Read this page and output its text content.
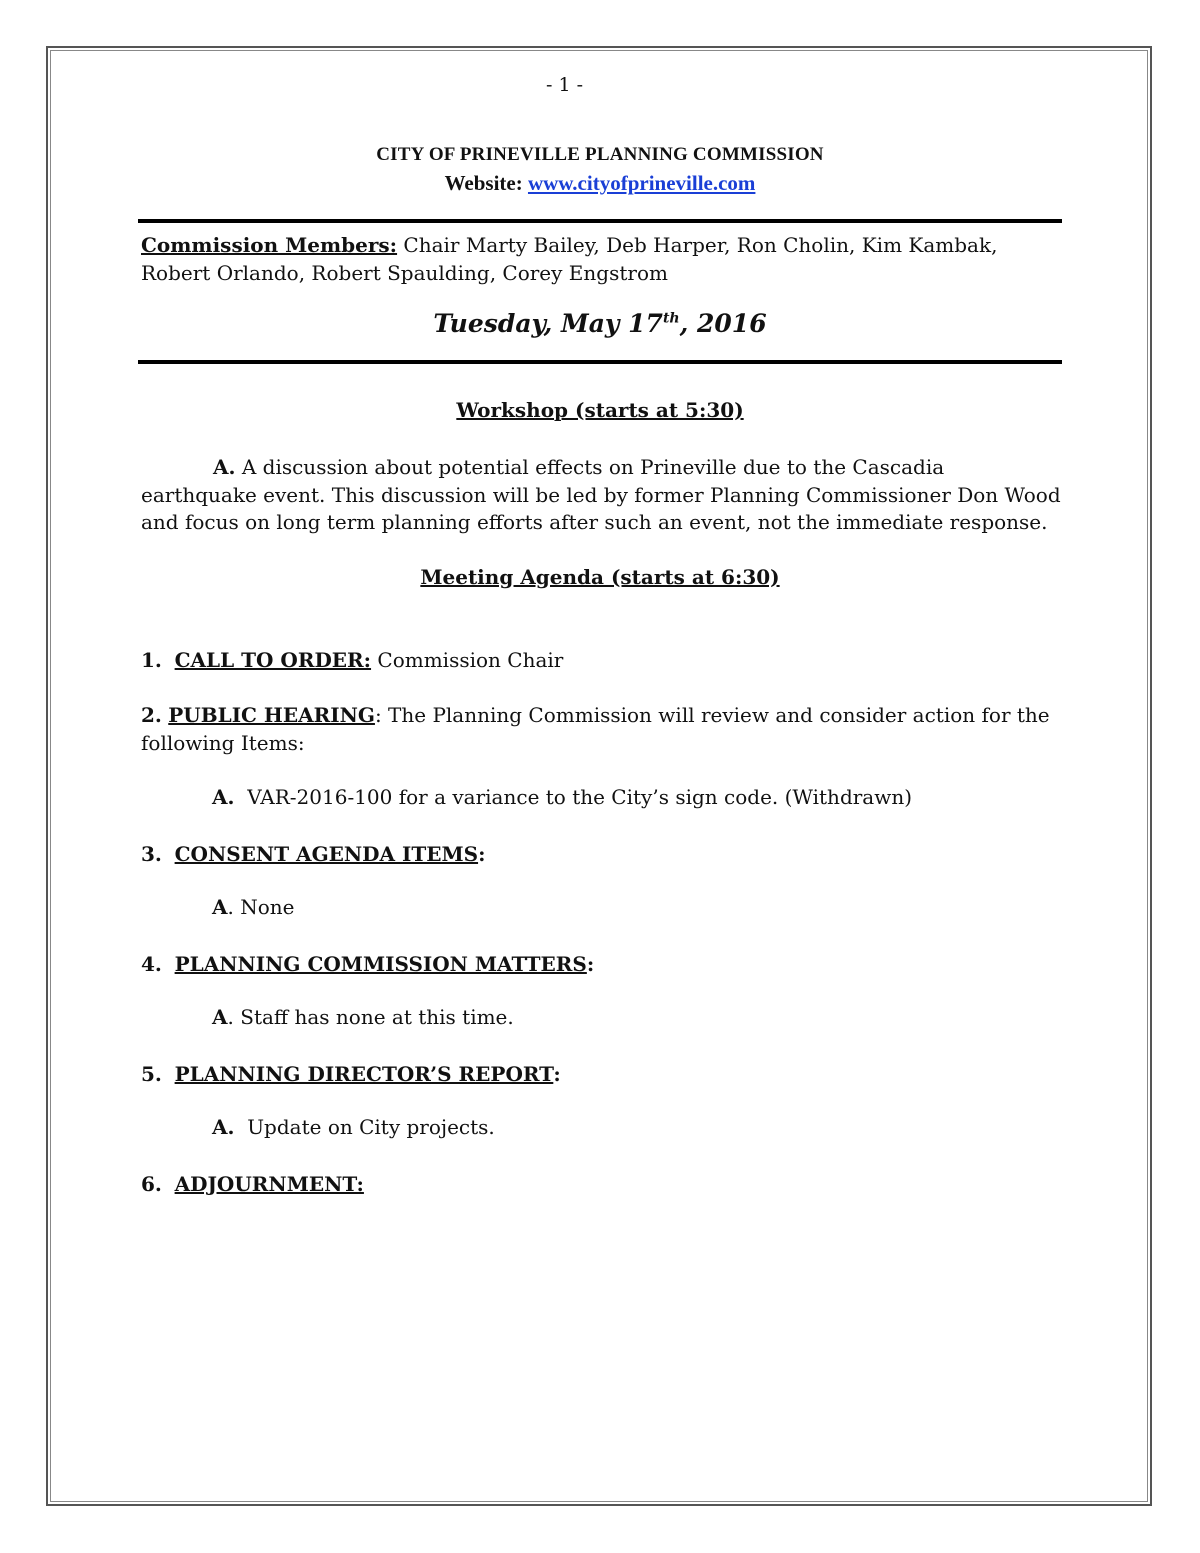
- 1 -
CITY OF PRINEVILLE PLANNING COMMISSION
Website: www.cityofprineville.com
Commission Members: Chair Marty Bailey, Deb Harper, Ron Cholin, Kim Kambak, Robert Orlando, Robert Spaulding, Corey Engstrom
Tuesday, May 17th, 2016
Workshop (starts at 5:30)
A. A discussion about potential effects on Prineville due to the Cascadia earthquake event. This discussion will be led by former Planning Commissioner Don Wood and focus on long term planning efforts after such an event, not the immediate response.
Meeting Agenda (starts at 6:30)
1. CALL TO ORDER: Commission Chair
2. PUBLIC HEARING: The Planning Commission will review and consider action for the following Items:
A. VAR-2016-100 for a variance to the City’s sign code. (Withdrawn)
3. CONSENT AGENDA ITEMS:
A. None
4. PLANNING COMMISSION MATTERS:
A. Staff has none at this time.
5. PLANNING DIRECTOR’S REPORT:
A. Update on City projects.
6. ADJOURNMENT:
